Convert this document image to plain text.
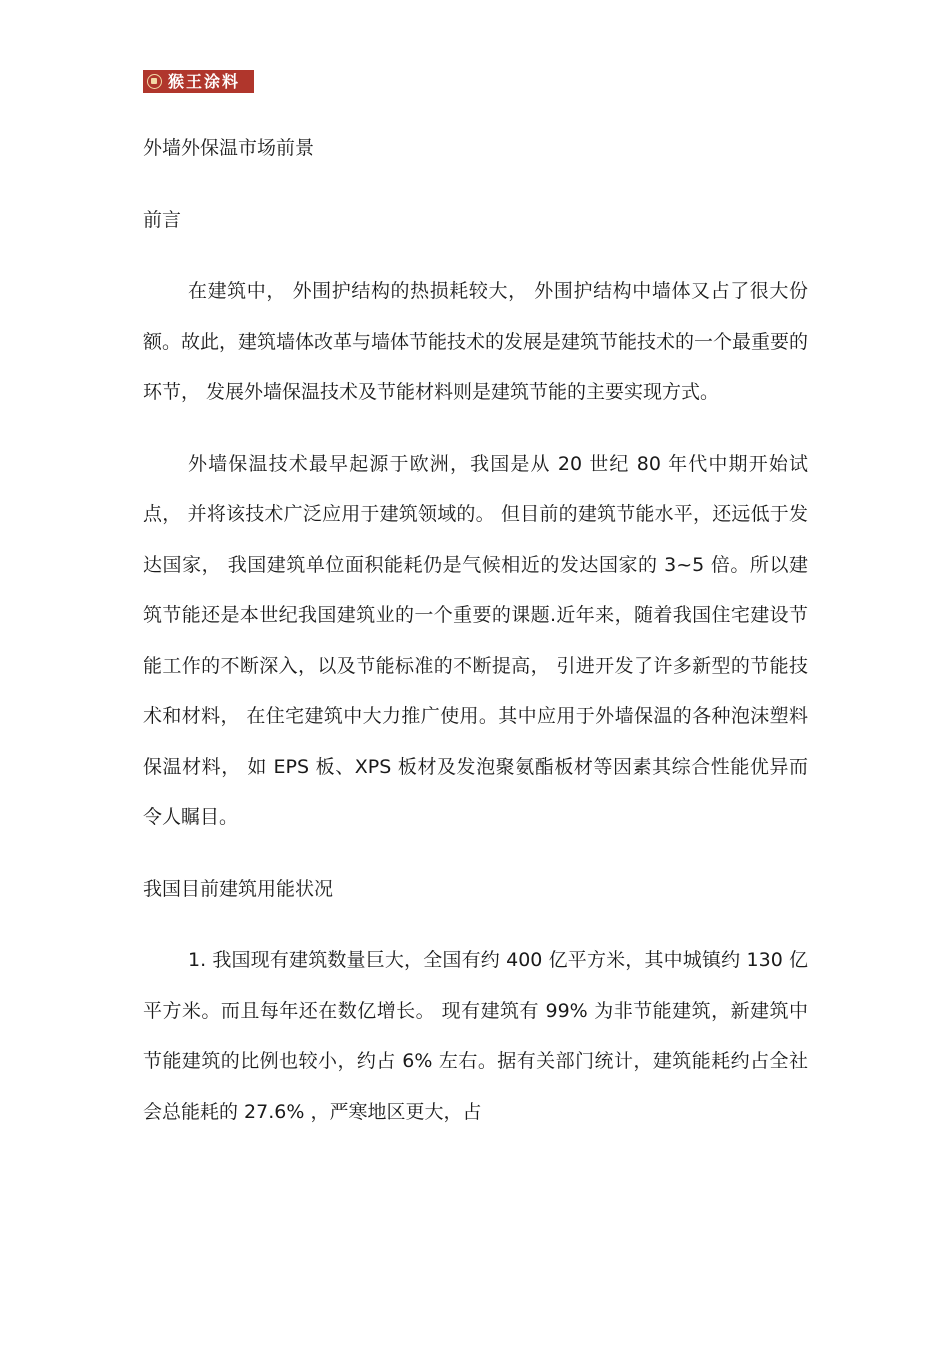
猴王涂料

外墙外保温市场前景

前言

在建筑中， 外围护结构的热损耗较大， 外围护结构中墙体又占了很大份额。故此，建筑墙体改革与墙体节能技术的发展是建筑节能技术的一个最重要的环节， 发展外墙保温技术及节能材料则是建筑节能的主要实现方式。

外墙保温技术最早起源于欧洲，我国是从 20 世纪 80 年代中期开始试点， 并将该技术广泛应用于建筑领域的。 但目前的建筑节能水平，还远低于发达国家， 我国建筑单位面积能耗仍是气候相近的发达国家的 3~5 倍。所以建筑节能还是本世纪我国建筑业的一个重要的课题.近年来，随着我国住宅建设节能工作的不断深入，以及节能标准的不断提高， 引进开发了许多新型的节能技术和材料， 在住宅建筑中大力推广使用。其中应用于外墙保温的各种泡沫塑料保温材料， 如 EPS 板、XPS 板材及发泡聚氨酯板材等因素其综合性能优异而令人瞩目。

我国目前建筑用能状况

1. 我国现有建筑数量巨大，全国有约 400 亿平方米，其中城镇约 130 亿平方米。而且每年还在数亿增长。 现有建筑有 99% 为非节能建筑，新建筑中节能建筑的比例也较小，约占 6% 左右。据有关部门统计，建筑能耗约占全社会总能耗的 27.6% ，严寒地区更大，占
